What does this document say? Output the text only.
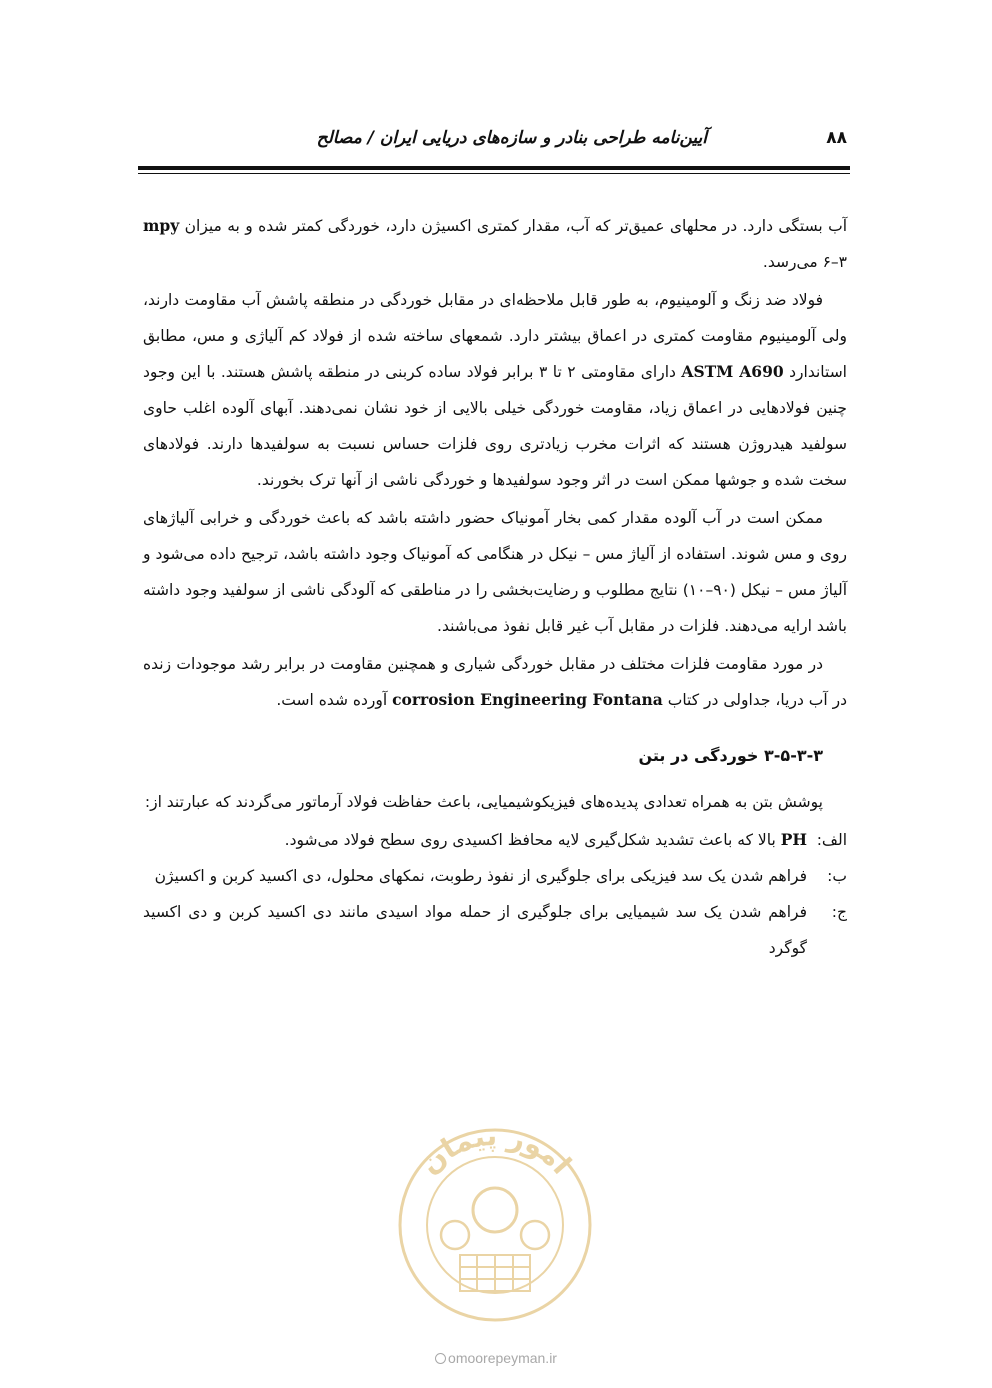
۸۸
آیین‌نامه طراحی بنادر و سازه‌های دریایی ایران / مصالح

آب بستگی دارد. در محلهای عمیق‌تر که آب، مقدار کمتری اکسیژن دارد، خوردگی کمتر شده و به میزان mpy ۶–۳ می‌رسد.

فولاد ضد زنگ و آلومینیوم، به طور قابل ملاحظه‌ای در مقابل خوردگی در منطقه پاشش آب مقاومت دارند، ولی آلومینیوم مقاومت کمتری در اعماق بیشتر دارد. شمعهای ساخته شده از فولاد کم آلیاژی و مس، مطابق استاندارد ASTM A690 دارای مقاومتی ۲ تا ۳ برابر فولاد ساده کربنی در منطقه پاشش هستند. با این وجود چنین فولادهایی در اعماق زیاد، مقاومت خوردگی خیلی بالایی از خود نشان نمی‌دهند. آبهای آلوده اغلب حاوی سولفید هیدروژن هستند که اثرات مخرب زیادتری روی فلزات حساس نسبت به سولفیدها دارند. فولادهای سخت شده و جوشها ممکن است در اثر وجود سولفیدها و خوردگی ناشی از آنها ترک بخورند.

ممکن است در آب آلوده مقدار کمی بخار آمونیاک حضور داشته باشد که باعث خوردگی و خرابی آلیاژهای روی و مس شوند. استفاده از آلیاژ مس – نیکل در هنگامی که آمونیاک وجود داشته باشد، ترجیح داده می‌شود و آلیاژ مس – نیکل (۹۰–۱۰) نتایج مطلوب و رضایت‌بخشی را در مناطقی که آلودگی ناشی از سولفید وجود داشته باشد ارایه می‌دهند. فلزات در مقابل آب غیر قابل نفوذ می‌باشند.

در مورد مقاومت فلزات مختلف در مقابل خوردگی شیاری و همچنین مقاومت در برابر رشد موجودات زنده در آب دریا، جداولی در کتاب corrosion Engineering Fontana آورده شده است.

۳-۵-۳-۳ خوردگی در بتن

پوشش بتن به همراه تعدادی پدیده‌های فیزیکوشیمیایی، باعث حفاظت فولاد آرماتور می‌گردند که عبارتند از:

الف:
PH بالا که باعث تشدید شکل‌گیری لایه محافظ اکسیدی روی سطح فولاد می‌شود.
ب:
فراهم شدن یک سد فیزیکی برای جلوگیری از نفوذ رطوبت، نمکهای محلول، دی اکسید کربن و اکسیژن
ج:
فراهم شدن یک سد شیمیایی برای جلوگیری از حمله مواد اسیدی مانند دی اکسید کربن و دی اکسید گوگرد
امور پیمان
omoorepeyman.ir
